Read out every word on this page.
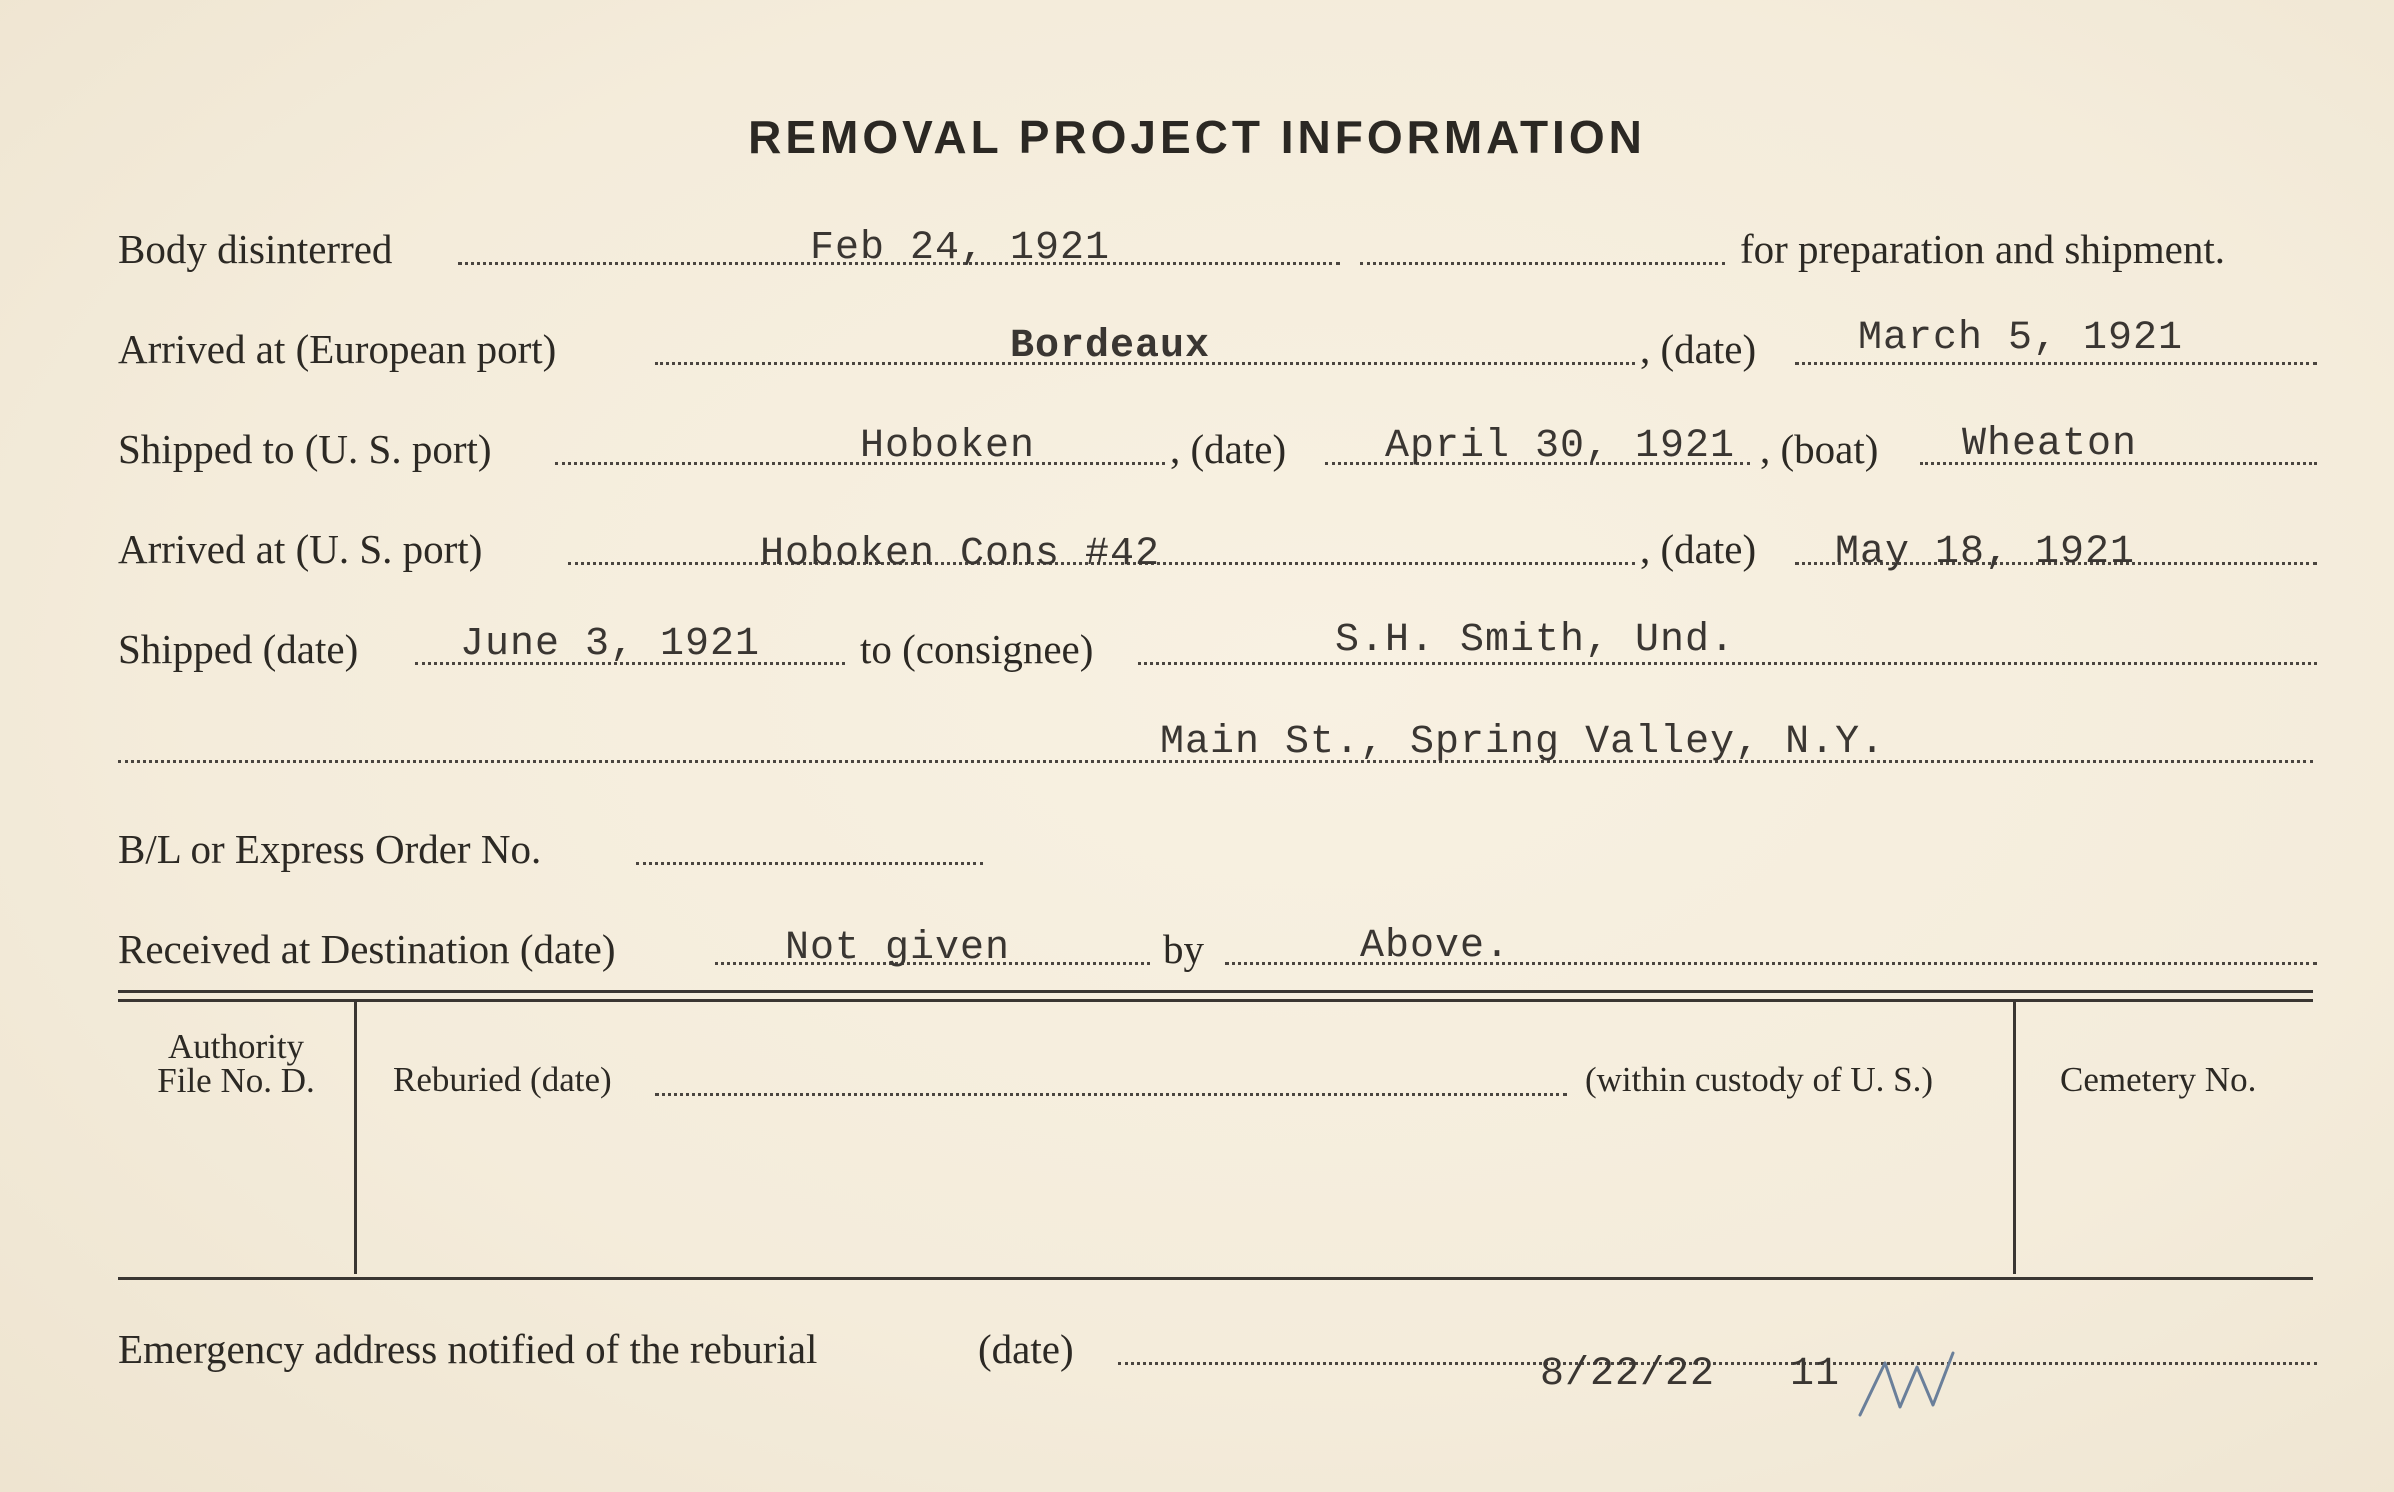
REMOVAL PROJECT INFORMATION
Body disinterred	Feb 24, 1921	for preparation and shipment.
Arrived at (European port)	Bordeaux	, (date)	March 5, 1921
Shipped to (U. S. port)	Hoboken	, (date) April 30, 1921 , (boat) Wheaton
Arrived at (U. S. port)	Hoboken Cons #42	, (date) May 18, 1921
Shipped (date)	June 3, 1921 to (consignee)	S.H. Smith, Und.
Main St., Spring Valley, N.Y.
B/L or Express Order No.
Received at Destination (date)	Not given	by	Above.
Authority
File No. D.	Reburied (date)	(within custody of U. S.)	Cemetery No.
Emergency address notified of the reburial	(date)
8/22/22 11
